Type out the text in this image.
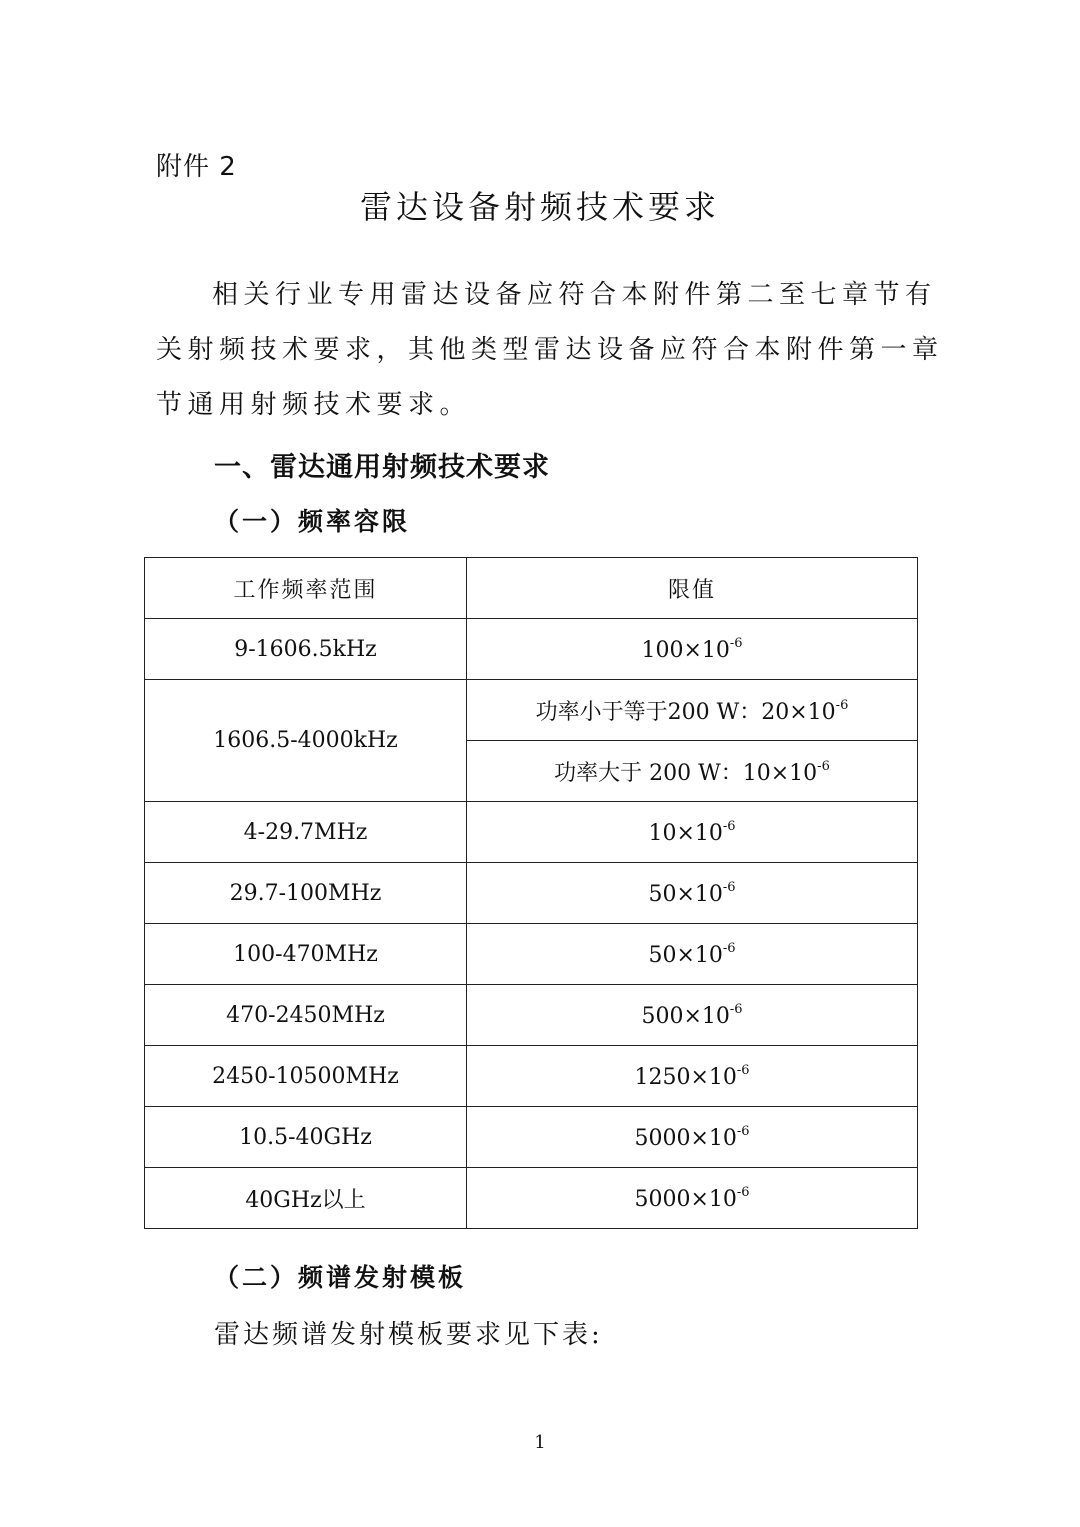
附件 2
雷达设备射频技术要求

相关行业专用雷达设备应符合本附件第二至七章节有关射频技术要求，其他类型雷达设备应符合本附件第一章节通用射频技术要求。

一、雷达通用射频技术要求
（一）频率容限
工作频率范围	限值
9-1606.5kHz	$100\times 10^{-6}$
1606.5-4000kHz	功率小于等于200 W：$20\times 10^{-6}$
	功率大于 200 W：$10\times 10^{-6}$
4-29.7MHz	$10\times 10^{-6}$
29.7-100MHz	$50\times 10^{-6}$
100-470MHz	$50\times 10^{-6}$
470-2450MHz	$500\times 10^{-6}$
2450-10500MHz	$1250\times 10^{-6}$
10.5-40GHz	$5000\times 10^{-6}$
40GHz以上	$5000\times 10^{-6}$
（二）频谱发射模板
雷达频谱发射模板要求见下表:
1
